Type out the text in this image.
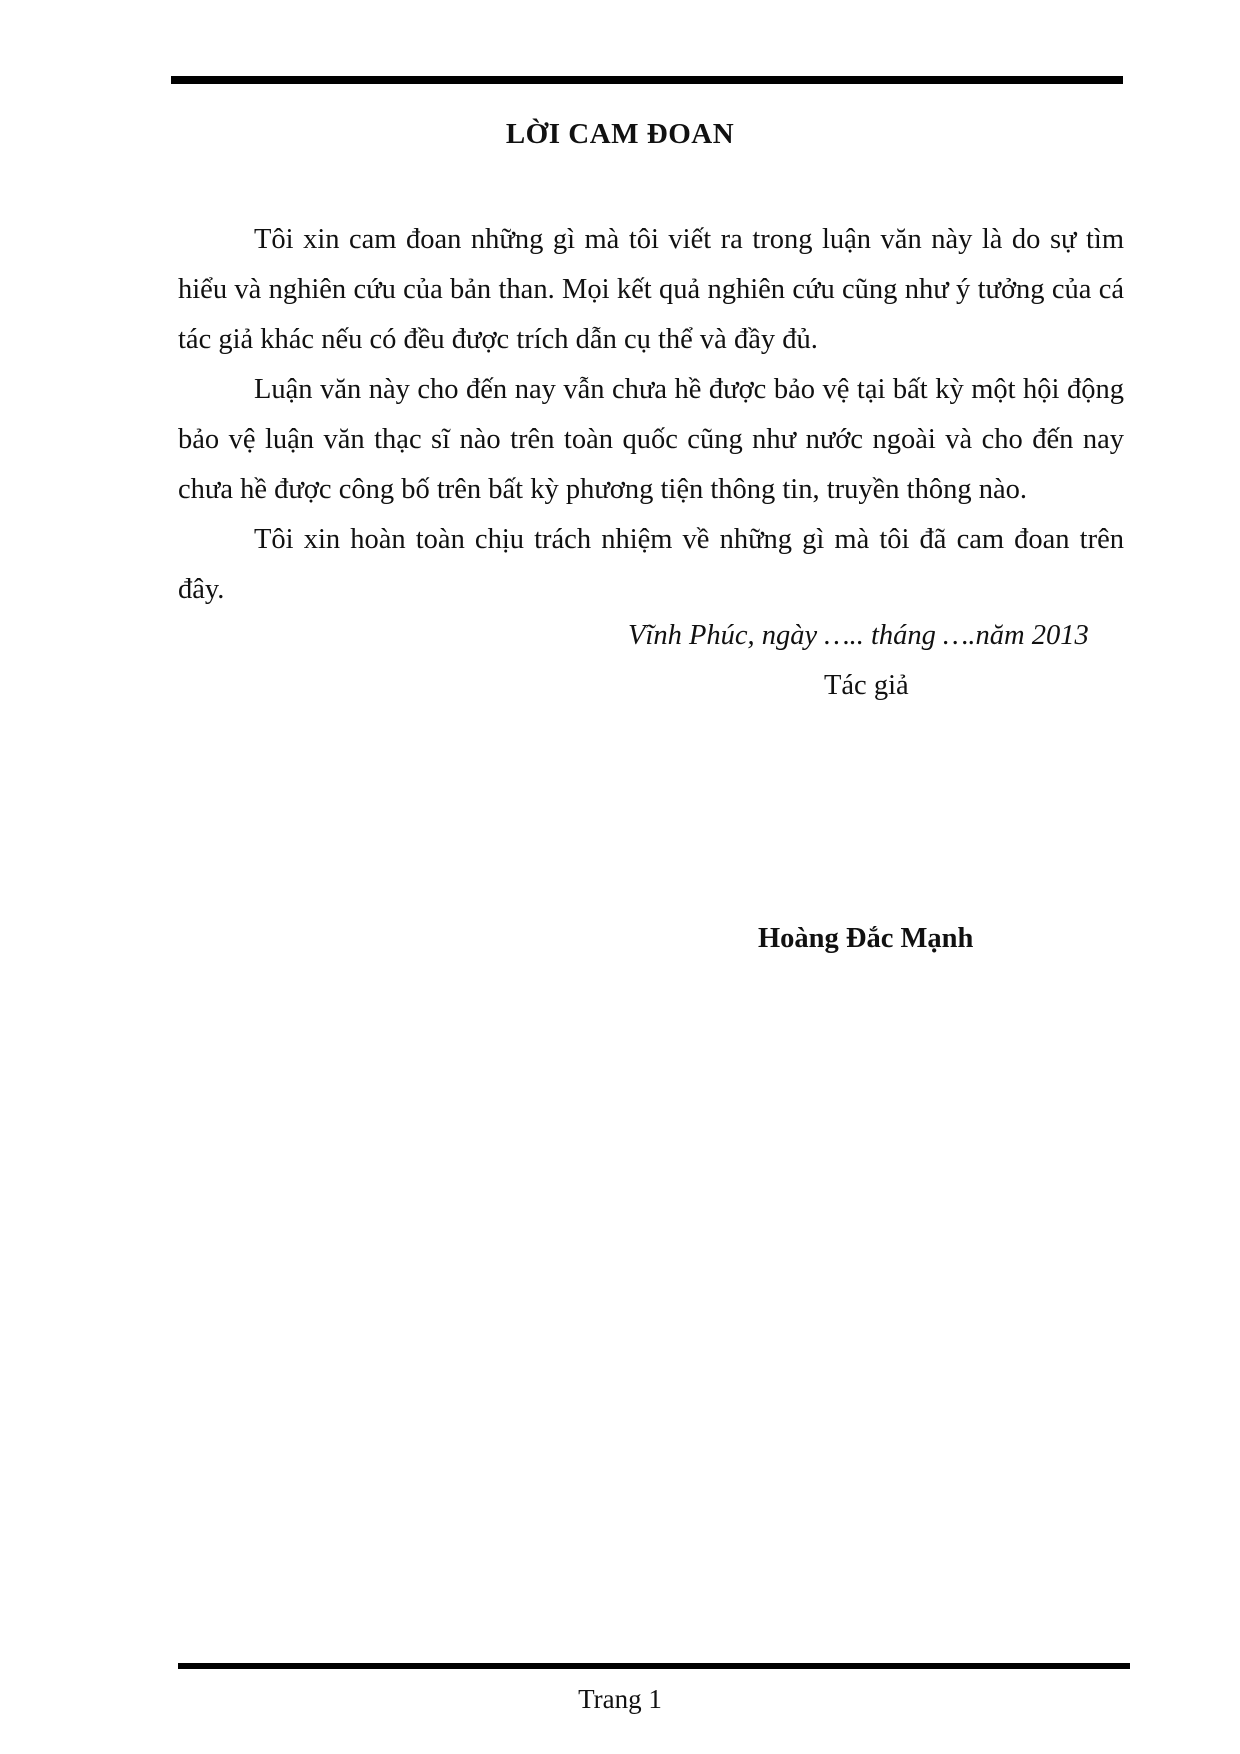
LỜI CAM ĐOAN

Tôi xin cam đoan những gì mà tôi viết ra trong luận văn này là do sự tìm hiểu và nghiên cứu của bản than. Mọi kết quả nghiên cứu cũng như ý tưởng của cá tác giả khác nếu có đều được trích dẫn cụ thể và đầy đủ.

Luận văn này cho đến nay vẫn chưa hề được bảo vệ tại bất kỳ một hội động bảo vệ luận văn thạc sĩ nào trên toàn quốc cũng như nước ngoài và cho đến nay chưa hề được công bố trên bất kỳ phương tiện thông tin, truyền thông nào.

Tôi xin hoàn toàn chịu trách nhiệm về những gì mà tôi đã cam đoan trên đây.

Vĩnh Phúc, ngày ….. tháng ….năm 2013
Tác giả
Hoàng Đắc Mạnh
Trang 1
